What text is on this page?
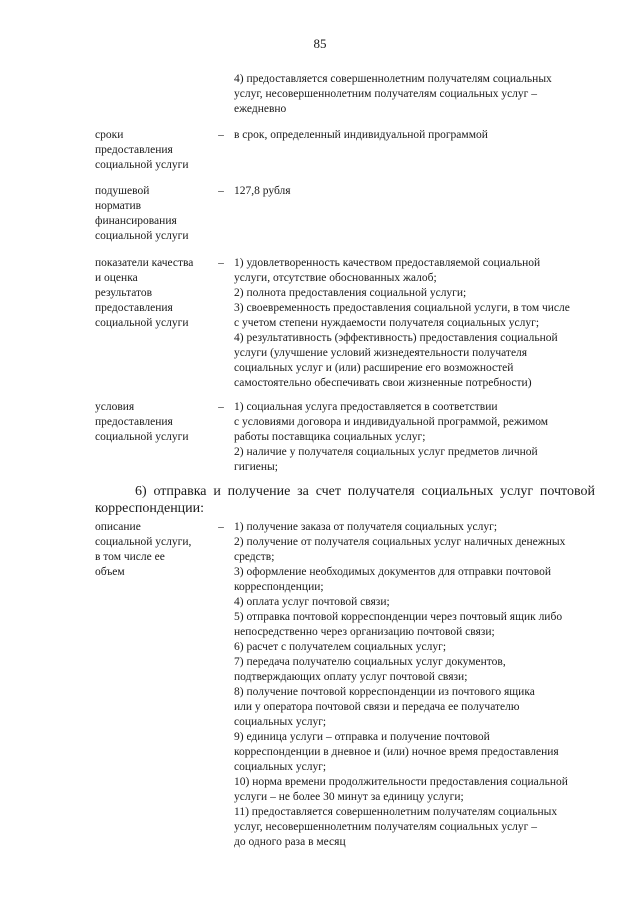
85
4) предоставляется совершеннолетним получателям социальных
услуг, несовершеннолетним получателям социальных услуг –
ежедневно
сроки
предоставления
социальной услуги
– в срок, определенный индивидуальной программой
подушевой
норматив
финансирования
социальной услуги
– 127,8 рубля
показатели качества
и оценка
результатов
предоставления
социальной услуги
– 1) удовлетворенность качеством предоставляемой социальной
услуги, отсутствие обоснованных жалоб;
2) полнота предоставления социальной услуги;
3) своевременность предоставления социальной услуги, в том числе
с учетом степени нуждаемости получателя социальных услуг;
4) результативность (эффективность) предоставления социальной
услуги (улучшение условий жизнедеятельности получателя
социальных услуг и (или) расширение его возможностей
самостоятельно обеспечивать свои жизненные потребности)
условия
предоставления
социальной услуги
– 1) социальная услуга предоставляется в соответствии
с условиями договора и индивидуальной программой, режимом
работы поставщика социальных услуг;
2) наличие у получателя социальных услуг предметов личной
гигиены;
6) отправка и получение за счет получателя социальных услуг почтовой
корреспонденции:
описание
социальной услуги,
в том числе ее
объем
– 1) получение заказа от получателя социальных услуг;
2) получение от получателя социальных услуг наличных денежных
средств;
3) оформление необходимых документов для отправки почтовой
корреспонденции;
4) оплата услуг почтовой связи;
5) отправка почтовой корреспонденции через почтовый ящик либо
непосредственно через организацию почтовой связи;
6) расчет с получателем социальных услуг;
7) передача получателю социальных услуг документов,
подтверждающих оплату услуг почтовой связи;
8) получение почтовой корреспонденции из почтового ящика
или у оператора почтовой связи и передача ее получателю
социальных услуг;
9) единица услуги – отправка и получение почтовой
корреспонденции в дневное и (или) ночное время предоставления
социальных услуг;
10) норма времени продолжительности предоставления социальной
услуги – не более 30 минут за единицу услуги;
11) предоставляется совершеннолетним получателям социальных
услуг, несовершеннолетним получателям социальных услуг –
до одного раза в месяц
